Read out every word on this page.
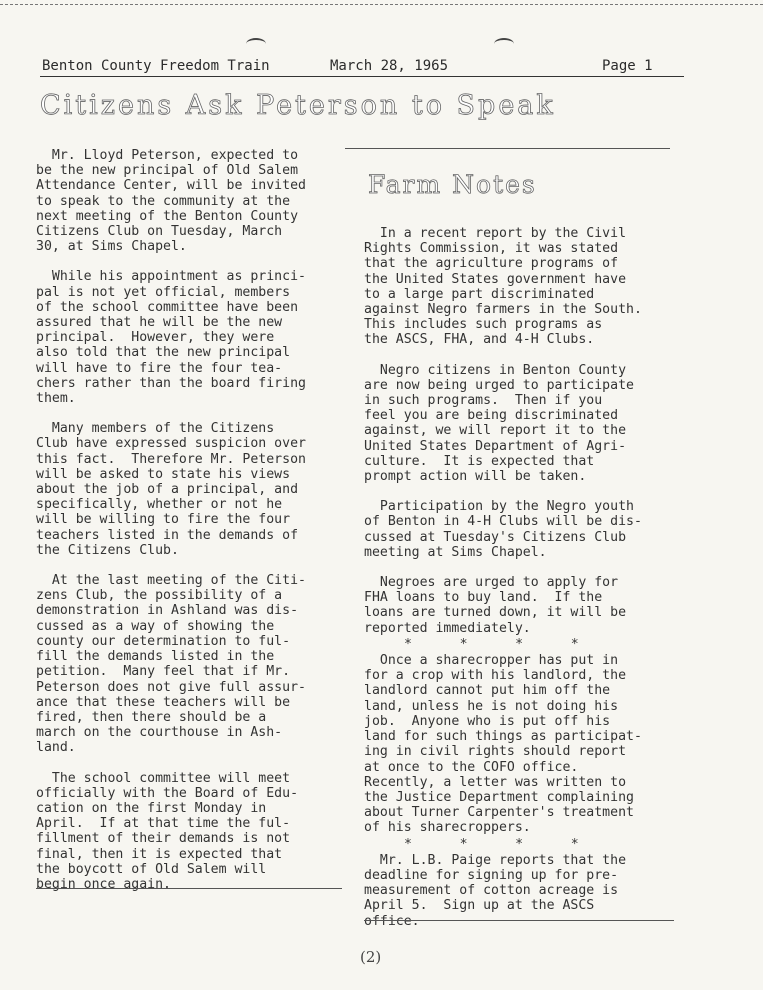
Benton County Freedom Train	March 28, 1965	Page 1
Citizens Ask Peterson to Speak

Mr. Lloyd Peterson, expected to
be the new principal of Old Salem
Attendance Center, will be invited
to speak to the community at the
next meeting of the Benton County
Citizens Club on Tuesday, March
30, at Sims Chapel.

While his appointment as princi-
pal is not yet official, members
of the school committee have been
assured that he will be the new
principal.  However, they were
also told that the new principal
will have to fire the four tea-
chers rather than the board firing
them.

Many members of the Citizens
Club have expressed suspicion over
this fact.  Therefore Mr. Peterson
will be asked to state his views
about the job of a principal, and
specifically, whether or not he
will be willing to fire the four
teachers listed in the demands of
the Citizens Club.

At the last meeting of the Citi-
zens Club, the possibility of a
demonstration in Ashland was dis-
cussed as a way of showing the
county our determination to ful-
fill the demands listed in the
petition.  Many feel that if Mr.
Peterson does not give full assur-
ance that these teachers will be
fired, then there should be a
march on the courthouse in Ash-
land.

The school committee will meet
officially with the Board of Edu-
cation on the first Monday in
April.  If at that time the ful-
fillment of their demands is not
final, then it is expected that
the boycott of Old Salem will
begin once again.

Farm Notes

In a recent report by the Civil
Rights Commission, it was stated
that the agriculture programs of
the United States government have
to a large part discriminated
against Negro farmers in the South.
This includes such programs as
the ASCS, FHA, and 4-H Clubs.

Negro citizens in Benton County
are now being urged to participate
in such programs.  Then if you
feel you are being discriminated
against, we will report it to the
United States Department of Agri-
culture.  It is expected that
prompt action will be taken.

Participation by the Negro youth
of Benton in 4-H Clubs will be dis-
cussed at Tuesday's Citizens Club
meeting at Sims Chapel.

Negroes are urged to apply for
FHA loans to buy land.  If the
loans are turned down, it will be
reported immediately.

*      *      *      *

Once a sharecropper has put in
for a crop with his landlord, the
landlord cannot put him off the
land, unless he is not doing his
job.  Anyone who is put off his
land for such things as participat-
ing in civil rights should report
at once to the COFO office.
Recently, a letter was written to
the Justice Department complaining
about Turner Carpenter's treatment
of his sharecroppers.

*      *      *      *

Mr. L.B. Paige reports that the
deadline for signing up for pre-
measurement of cotton acreage is
April 5.  Sign up at the ASCS
office.

(2)
